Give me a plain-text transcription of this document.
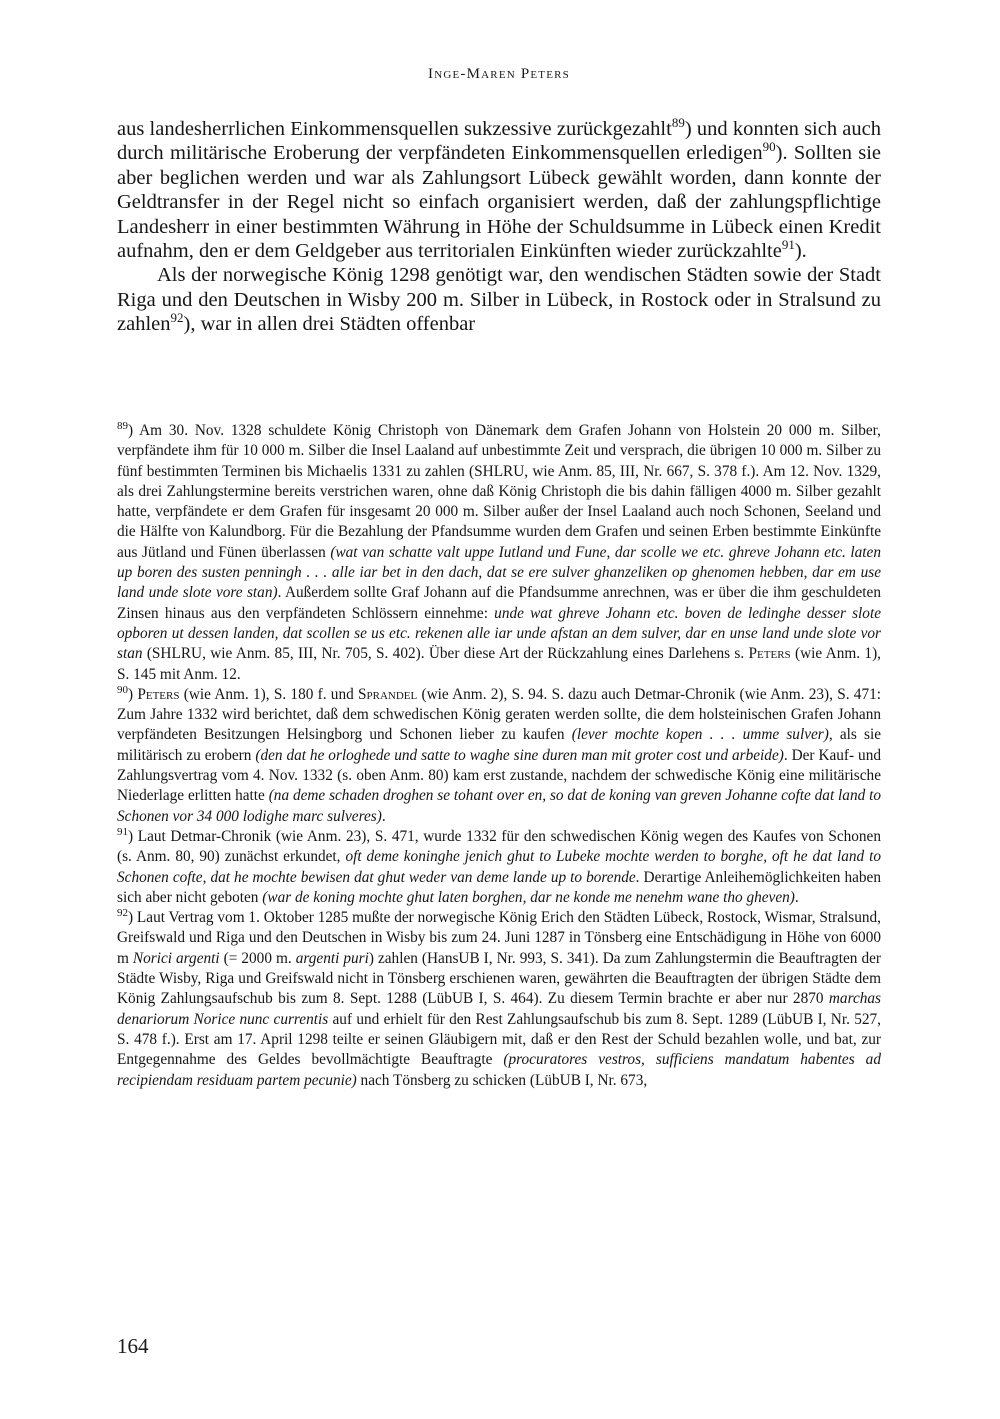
Inge-Maren Peters

aus landesherrlichen Einkommensquellen sukzessive zurückgezahlt$^{89}$) und konnten sich auch durch militärische Eroberung der verpfändeten Einkommensquellen erledigen$^{90}$). Sollten sie aber beglichen werden und war als Zahlungsort Lübeck gewählt worden, dann konnte der Geldtransfer in der Regel nicht so einfach organisiert werden, daß der zahlungspflichtige Landesherr in einer bestimmten Währung in Höhe der Schuldsumme in Lübeck einen Kredit aufnahm, den er dem Geldgeber aus territorialen Einkünften wieder zurückzahlte$^{91}$).

Als der norwegische König 1298 genötigt war, den wendischen Städten sowie der Stadt Riga und den Deutschen in Wisby 200 m. Silber in Lübeck, in Rostock oder in Stralsund zu zahlen$^{92}$), war in allen drei Städten offenbar

$^{89}$) Am 30. Nov. 1328 schuldete König Christoph von Dänemark dem Grafen Johann von Holstein 20 000 m. Silber, verpfändete ihm für 10 000 m. Silber die Insel Laaland auf unbestimmte Zeit und versprach, die übrigen 10 000 m. Silber zu fünf bestimmten Terminen bis Michaelis 1331 zu zahlen (SHLRU, wie Anm. 85, III, Nr. 667, S. 378 f.). Am 12. Nov. 1329, als drei Zahlungstermine bereits verstrichen waren, ohne daß König Christoph die bis dahin fälligen 4000 m. Silber gezahlt hatte, verpfändete er dem Grafen für insgesamt 20 000 m. Silber außer der Insel Laaland auch noch Schonen, Seeland und die Hälfte von Kalundborg. Für die Bezahlung der Pfandsumme wurden dem Grafen und seinen Erben bestimmte Einkünfte aus Jütland und Fünen überlassen (wat van schatte valt uppe Iutland und Fune, dar scolle we etc. ghreve Johann etc. laten up boren des susten penningh . . . alle iar bet in den dach, dat se ere sulver ghanzeliken op ghenomen hebben, dar em use land unde slote vore stan). Außerdem sollte Graf Johann auf die Pfandsumme anrechnen, was er über die ihm geschuldeten Zinsen hinaus aus den verpfändeten Schlössern einnehme: unde wat ghreve Johann etc. boven de ledinghe desser slote opboren ut dessen landen, dat scollen se us etc. rekenen alle iar unde afstan an dem sulver, dar en unse land unde slote vor stan (SHLRU, wie Anm. 85, III, Nr. 705, S. 402). Über diese Art der Rückzahlung eines Darlehens s. Peters (wie Anm. 1), S. 145 mit Anm. 12.

$^{90}$) Peters (wie Anm. 1), S. 180 f. und Sprandel (wie Anm. 2), S. 94. S. dazu auch Detmar-Chronik (wie Anm. 23), S. 471: Zum Jahre 1332 wird berichtet, daß dem schwedischen König geraten werden sollte, die dem holsteinischen Grafen Johann verpfändeten Besitzungen Helsingborg und Schonen lieber zu kaufen (lever mochte kopen . . . umme sulver), als sie militärisch zu erobern (den dat he orloghede und satte to waghe sine duren man mit groter cost und arbeide). Der Kauf- und Zahlungsvertrag vom 4. Nov. 1332 (s. oben Anm. 80) kam erst zustande, nachdem der schwedische König eine militärische Niederlage erlitten hatte (na deme schaden droghen se tohant over en, so dat de koning van greven Johanne cofte dat land to Schonen vor 34 000 lodighe marc sulveres).

$^{91}$) Laut Detmar-Chronik (wie Anm. 23), S. 471, wurde 1332 für den schwedischen König wegen des Kaufes von Schonen (s. Anm. 80, 90) zunächst erkundet, oft deme koninghe jenich ghut to Lubeke mochte werden to borghe, oft he dat land to Schonen cofte, dat he mochte bewisen dat ghut weder van deme lande up to borende. Derartige Anleihemöglichkeiten haben sich aber nicht geboten (war de koning mochte ghut laten borghen, dar ne konde me nenehm wane tho gheven).

$^{92}$) Laut Vertrag vom 1. Oktober 1285 mußte der norwegische König Erich den Städten Lübeck, Rostock, Wismar, Stralsund, Greifswald und Riga und den Deutschen in Wisby bis zum 24. Juni 1287 in Tönsberg eine Entschädigung in Höhe von 6000 m Norici argenti (= 2000 m. argenti puri) zahlen (HansUB I, Nr. 993, S. 341). Da zum Zahlungstermin die Beauftragten der Städte Wisby, Riga und Greifswald nicht in Tönsberg erschienen waren, gewährten die Beauftragten der übrigen Städte dem König Zahlungsaufschub bis zum 8. Sept. 1288 (LübUB I, S. 464). Zu diesem Termin brachte er aber nur 2870 marchas denariorum Norice nunc currentis auf und erhielt für den Rest Zahlungsaufschub bis zum 8. Sept. 1289 (LübUB I, Nr. 527, S. 478 f.). Erst am 17. April 1298 teilte er seinen Gläubigern mit, daß er den Rest der Schuld bezahlen wolle, und bat, zur Entgegennahme des Geldes bevollmächtigte Beauftragte (procuratores vestros, sufficiens mandatum habentes ad recipiendam residuam partem pecunie) nach Tönsberg zu schicken (LübUB I, Nr. 673,

164
